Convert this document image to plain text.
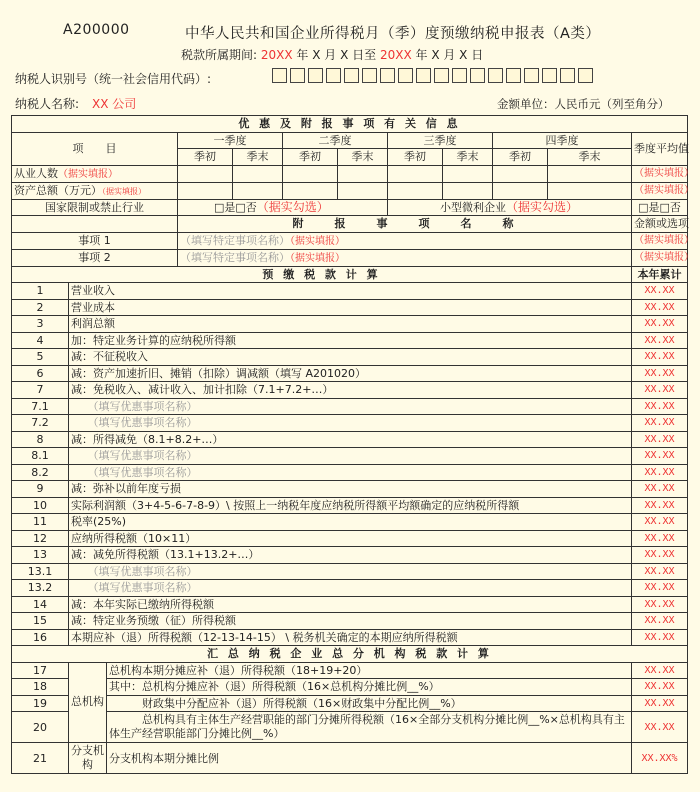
A200000	中华人民共和国企业所得税月（季）度预缴纳税申报表（A类）
税款所属期间: 20XX 年 X 月 X 日至 20XX 年 X 月 X 日
纳税人识别号（统一社会信用代码）:
纳税人名称: XX 公司	金额单位：人民币元（列至角分）
优 惠 及 附 报 事 项 有 关 信 息											
项　　目			一季度		二季度		三季度		四季度		季度平均值
			季初	季末	季初	季末	季初	季末	季初	季末	
从业人数（据实填报）											（据实填报）
资产总额（万元）（据实填报）											（据实填报）
国家限制或禁止行业			□是□否（据实勾选）				小型微利企业（据实勾选）				□是□否
			附　　报　　事　　项　　名　　称								金额或选项
事项 1			（填写特定事项名称）（据实填报）								（据实填报）
事项 2			（填写特定事项名称）（据实填报）								（据实填报）
预 缴 税 款 计 算											本年累计
1	营业收入										XX.XX
2	营业成本										XX.XX
3	利润总额										XX.XX
4	加：特定业务计算的应纳税所得额										XX.XX
5	减：不征税收入										XX.XX
6	减：资产加速折旧、摊销（扣除）调减额（填写 A201020）										XX.XX
7	减：免税收入、减计收入、加计扣除（7.1+7.2+…）										XX.XX
7.1	　　（填写优惠事项名称）										XX.XX
7.2	　　（填写优惠事项名称）										XX.XX
8	减：所得减免（8.1+8.2+…）										XX.XX
8.1	　　（填写优惠事项名称）										XX.XX
8.2	　　（填写优惠事项名称）										XX.XX
9	减：弥补以前年度亏损										XX.XX
10	实际利润额（3+4-5-6-7-8-9）\ 按照上一纳税年度应纳税所得额平均额确定的应纳税所得额										XX.XX
11	税率(25%)										XX.XX
12	应纳所得税额（10×11）										XX.XX
13	减：减免所得税额（13.1+13.2+…）										XX.XX
13.1	　　（填写优惠事项名称）										XX.XX
13.2	　　（填写优惠事项名称）										XX.XX
14	减：本年实际已缴纳所得税额										XX.XX
15	减：特定业务预缴（征）所得税额										XX.XX
16	本期应补（退）所得税额（12-13-14-15） \ 税务机关确定的本期应纳所得税额										XX.XX
汇 总 纳 税 企 业 总 分 机 构 税 款 计 算											
17	总机构	总机构本期分摊应补（退）所得税额（18+19+20）									XX.XX
18		其中：总机构分摊应补（退）所得税额（16×总机构分摊比例__%）									XX.XX
19		　　　财政集中分配应补（退）所得税额（16×财政集中分配比例__%）									XX.XX
20		　　　总机构具有主体生产经营职能的部门分摊所得税额（16×全部分支机构分摊比例__%×总机构具有主体生产经营职能部门分摊比例__%）									XX.XX
21	分支机构	分支机构本期分摊比例									XX.XX%
